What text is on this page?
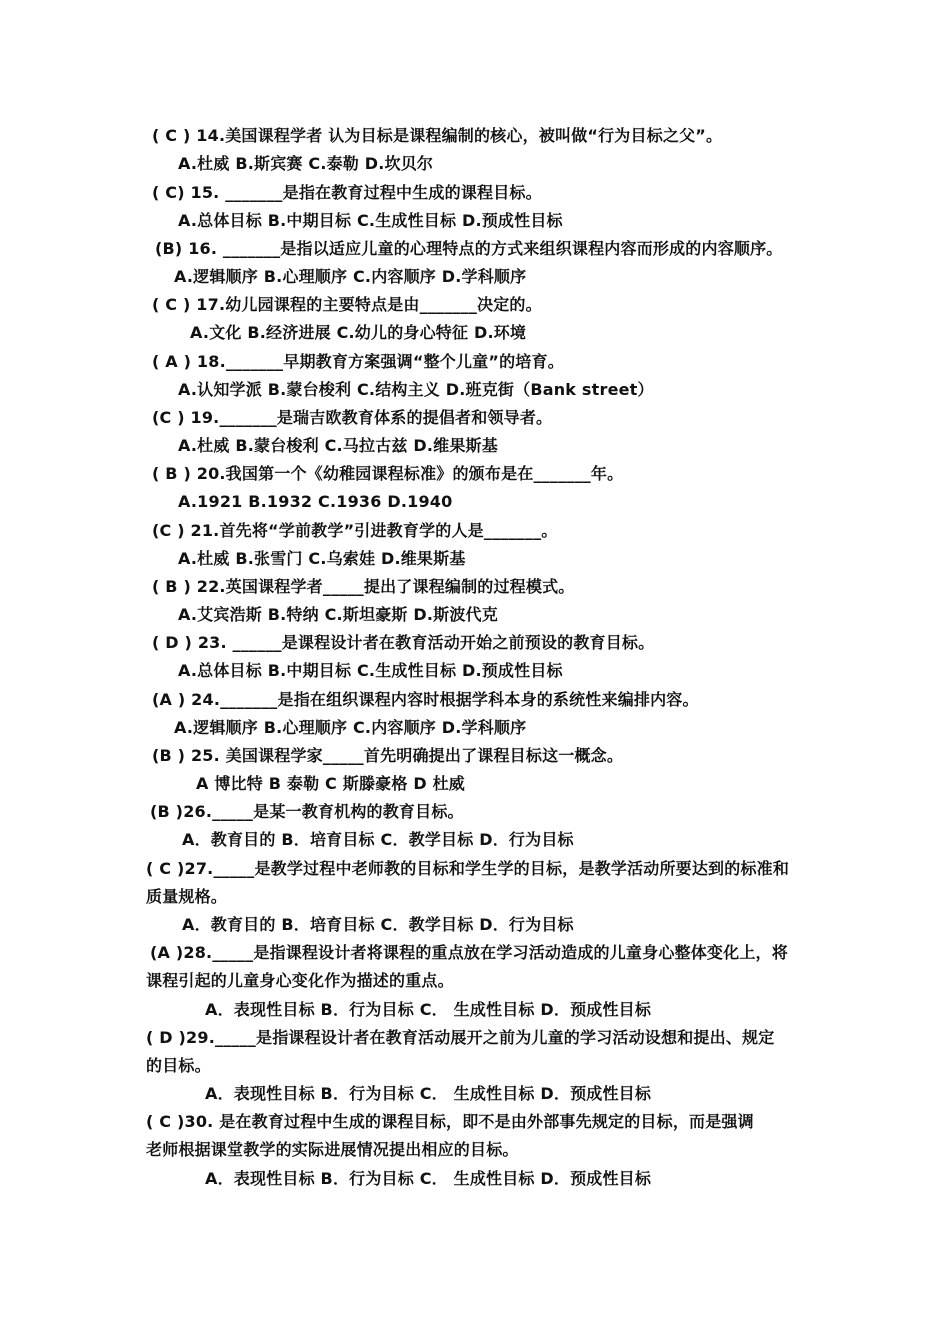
( C ) 14.美国课程学者 认为目标是课程编制的核心，被叫做“行为目标之父”。
A.杜威 B.斯宾赛 C.泰勒 D.坎贝尔
( C) 15. _______是指在教育过程中生成的课程目标。
A.总体目标 B.中期目标 C.生成性目标 D.预成性目标
(B) 16. _______是指以适应儿童的心理特点的方式来组织课程内容而形成的内容顺序。
A.逻辑顺序 B.心理顺序 C.内容顺序 D.学科顺序
( C ) 17.幼儿园课程的主要特点是由_______决定的。
A.文化 B.经济进展 C.幼儿的身心特征 D.环境
( A ) 18._______早期教育方案强调“整个儿童”的培育。
A.认知学派 B.蒙台梭利 C.结构主义 D.班克街（Bank street）
(C ) 19._______是瑞吉欧教育体系的提倡者和领导者。
A.杜威 B.蒙台梭利 C.马拉古兹 D.维果斯基
( B ) 20.我国第一个《幼稚园课程标准》的颁布是在_______年。
A.1921 B.1932 C.1936 D.1940
(C ) 21.首先将“学前教学”引进教育学的人是_______。
A.杜威 B.张雪门 C.乌索娃 D.维果斯基
( B ) 22.英国课程学者_____提出了课程编制的过程模式。
A.艾宾浩斯 B.特纳 C.斯坦豪斯 D.斯波代克
( D ) 23. ______是课程设计者在教育活动开始之前预设的教育目标。
A.总体目标 B.中期目标 C.生成性目标 D.预成性目标
(A ) 24._______是指在组织课程内容时根据学科本身的系统性来编排内容。
A.逻辑顺序 B.心理顺序 C.内容顺序 D.学科顺序
(B ) 25. 美国课程学家_____首先明确提出了课程目标这一概念。
A 博比特 B 泰勒 C 斯滕豪格 D 杜威
(B )26._____是某一教育机构的教育目标。
A．教育目的 B．培育目标 C．教学目标 D．行为目标
( C )27._____是教学过程中老师教的目标和学生学的目标，是教学活动所要达到的标准和
质量规格。
A．教育目的 B．培育目标 C．教学目标 D．行为目标
(A )28._____是指课程设计者将课程的重点放在学习活动造成的儿童身心整体变化上，将
课程引起的儿童身心变化作为描述的重点。
A．表现性目标 B．行为目标 C． 生成性目标 D．预成性目标
( D )29._____是指课程设计者在教育活动展开之前为儿童的学习活动设想和提出、规定
的目标。
A．表现性目标 B．行为目标 C． 生成性目标 D．预成性目标
( C )30. 是在教育过程中生成的课程目标，即不是由外部事先规定的目标，而是强调
老师根据课堂教学的实际进展情况提出相应的目标。
A．表现性目标 B．行为目标 C． 生成性目标 D．预成性目标
